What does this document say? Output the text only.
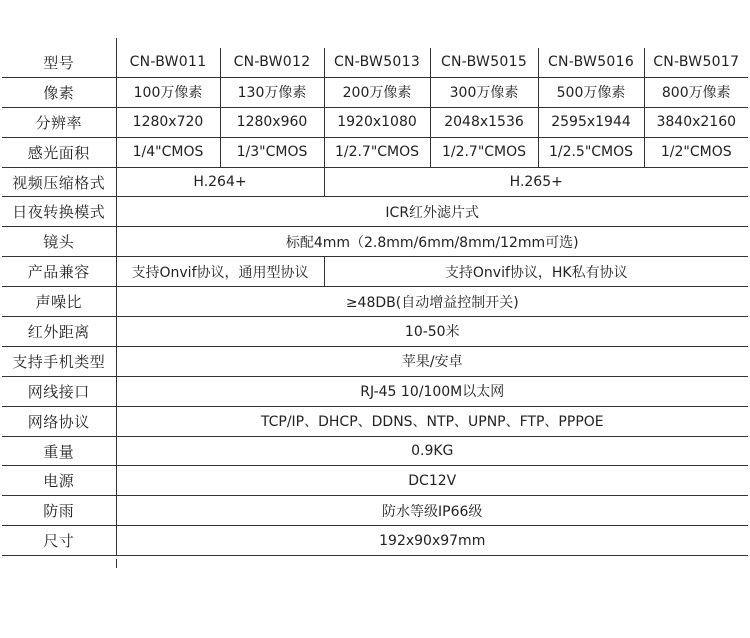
型号	CN-BW011	CN-BW012	CN-BW5013	CN-BW5015	CN-BW5016	CN-BW5017
像素	100万像素	130万像素	200万像素	300万像素	500万像素	800万像素
分辨率	1280x720	1280x960	1920x1080	2048x1536	2595x1944	3840x2160
感光面积	1/4"CMOS	1/3"CMOS	1/2.7"CMOS	1/2.7"CMOS	1/2.5"CMOS	1/2"CMOS
视频压缩格式	H.264+		H.265+			
日夜转换模式	ICR红外滤片式					
镜头	标配4mm（2.8mm/6mm/8mm/12mm可选)					
产品兼容	支持Onvif协议，通用型协议		支持Onvif协议，HK私有协议			
声噪比	≥48DB(自动增益控制开关)					
红外距离	10-50米					
支持手机类型	苹果/安卓					
网线接口	RJ-45 10/100M以太网					
网络协议	TCP/IP、DHCP、DDNS、NTP、UPNP、FTP、PPPOE					
重量	0.9KG					
电源	DC12V					
防雨	防水等级IP66级					
尺寸	192x90x97mm					
